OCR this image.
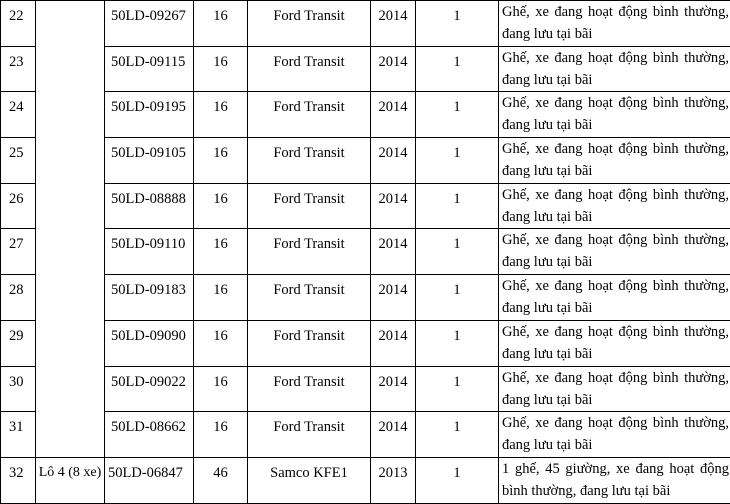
22		50LD-09267	16	Ford Transit	2014	1	Ghế, xe đang hoạt động bình thường, đang lưu tại bãi
23		50LD-09115	16	Ford Transit	2014	1	Ghế, xe đang hoạt động bình thường, đang lưu tại bãi
24		50LD-09195	16	Ford Transit	2014	1	Ghế, xe đang hoạt động bình thường, đang lưu tại bãi
25		50LD-09105	16	Ford Transit	2014	1	Ghế, xe đang hoạt động bình thường, đang lưu tại bãi
26		50LD-08888	16	Ford Transit	2014	1	Ghế, xe đang hoạt động bình thường, đang lưu tại bãi
27		50LD-09110	16	Ford Transit	2014	1	Ghế, xe đang hoạt động bình thường, đang lưu tại bãi
28		50LD-09183	16	Ford Transit	2014	1	Ghế, xe đang hoạt động bình thường, đang lưu tại bãi
29		50LD-09090	16	Ford Transit	2014	1	Ghế, xe đang hoạt động bình thường, đang lưu tại bãi
30		50LD-09022	16	Ford Transit	2014	1	Ghế, xe đang hoạt động bình thường, đang lưu tại bãi
31		50LD-08662	16	Ford Transit	2014	1	Ghế, xe đang hoạt động bình thường, đang lưu tại bãi
32	Lô 4 (8 xe)	50LD-06847	46	Samco KFE1	2013	1	1 ghế, 45 giường, xe đang hoạt động bình thường, đang lưu tại bãi
